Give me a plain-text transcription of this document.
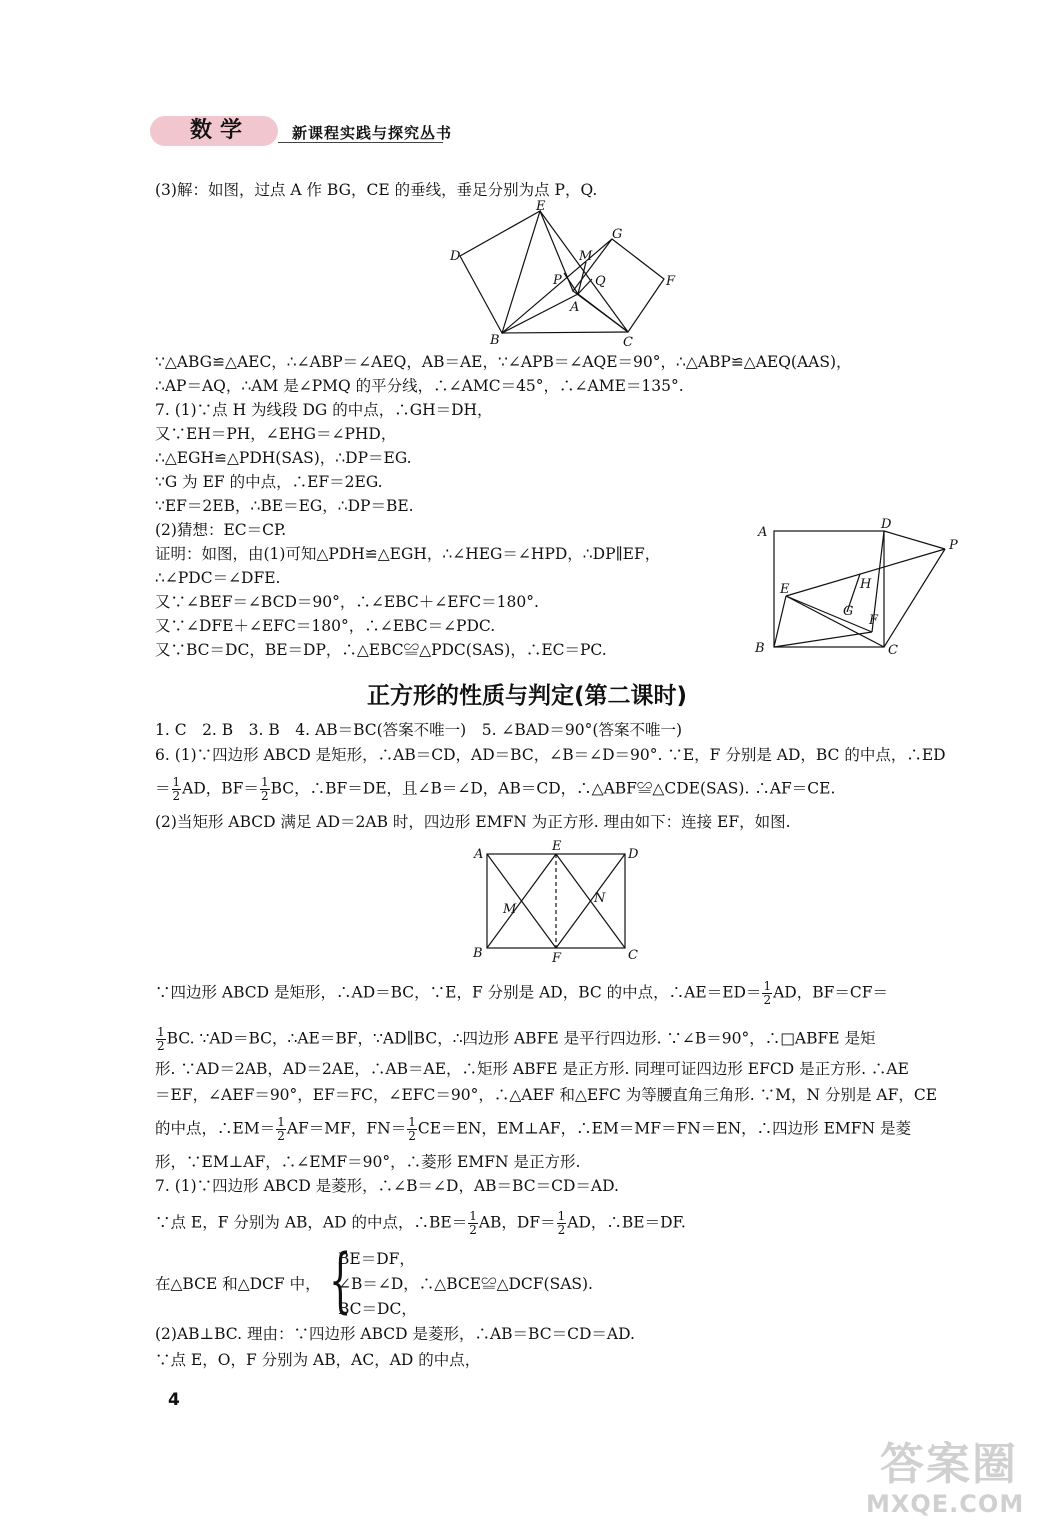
数学	新课程实践与探究丛书
(3)解：如图，过点 A 作 BG，CE 的垂线，垂足分别为点 P，Q.
E
G
D	M
P	Q
A
F
B	C
∵△ABG≌△AEC，∴∠ABP＝∠AEQ，AB＝AE，∵∠APB＝∠AQE＝90°，∴△ABP≌△AEQ(AAS)，
∴AP＝AQ，∴AM 是∠PMQ 的平分线，∴∠AMC＝45°，∴∠AME＝135°.
7. (1)∵点 H 为线段 DG 的中点，∴GH＝DH，
又∵EH＝PH，∠EHG＝∠PHD，
∴△EGH≌△PDH(SAS)，∴DP＝EG.
∵G 为 EF 的中点，∴EF＝2EG.
∵EF＝2EB，∴BE＝EG，∴DP＝BE.
(2)猜想：EC＝CP.
证明：如图，由(1)可知△PDH≌△EGH，∴∠HEG＝∠HPD，∴DP∥EF，
∴∠PDC＝∠DFE.
又∵∠BEF＝∠BCD＝90°，∴∠EBC＋∠EFC＝180°.
又∵∠DFE＋∠EFC＝180°，∴∠EBC＝∠PDC.
又∵BC＝DC，BE＝DP，∴△EBC≌△PDC(SAS)，∴EC＝PC.
A
D
P
H
E
G
F
B	C
正方形的性质与判定(第二课时)
1. C　2. B　3. B　4. AB＝BC(答案不唯一)　5. ∠BAD＝90°(答案不唯一)
6. (1)∵四边形 ABCD 是矩形，∴AB＝CD，AD＝BC，∠B＝∠D＝90°. ∵E，F 分别是 AD，BC 的中点，∴ED
＝ $\frac{1}{2}$ AD，$BF= \frac{1}{2}$ BC，∴BF＝DE，且∠B＝∠D，AB＝CD，∴△ABF≌△CDE(SAS). ∴AF＝CE.
(2)当矩形 ABCD 满足 AD＝2AB 时，四边形 EMFN 为正方形. 理由如下：连接 EF，如图.
A
E
D
M
N
B	F	C
∵四边形 ABCD 是矩形，∴AD＝BC，∵E，F 分别是 AD，BC 的中点，∴AE＝ED＝ $\frac{1}{2}$ AD，BF＝CF＝
$\frac{1}{2}$ BC. ∵AD＝BC，∴AE＝BF，∵AD∥BC，∴四边形 ABFE 是平行四边形. ∵∠B＝90°，∴□ABFE 是矩
形. ∵AD＝2AB，AD＝2AE，∴AB＝AE，∴矩形 ABFE 是正方形. 同理可证四边形 EFCD 是正方形. ∴AE
＝EF，∠AEF＝90°，EF＝FC，∠EFC＝90°，∴△AEF 和△EFC 为等腰直角三角形. ∵M，N 分别是 AF，CE
的中点，∴EM＝ $\frac{1}{2} AF=MF$，$FN= \frac{1}{2} CE=EN$，EM⊥AF，∴EM＝MF＝FN＝EN，∴四边形 EMFN 是菱
形，∵EM⊥AF，∴∠EMF＝90°，∴菱形 EMFN 是正方形.
7. (1)∵四边形 ABCD 是菱形，∴∠B＝∠D，AB＝BC＝CD＝AD.
∵点 E，F 分别为 AB，AD 的中点，∴BE＝ $\frac{1}{2}$ AB，$DF= \frac{1}{2}$ AD，∴BE＝DF.
在△BCE 和△DCF 中， {
BE＝DF，
∠B＝∠D，∴△BCE≌△DCF(SAS).
BC＝DC，
(2)AB⊥BC. 理由：∵四边形 ABCD 是菱形，∴AB＝BC＝CD＝AD.
∵点 E，O，F 分别为 AB，AC，AD 的中点，
4
答案圈
MXQE.COM
